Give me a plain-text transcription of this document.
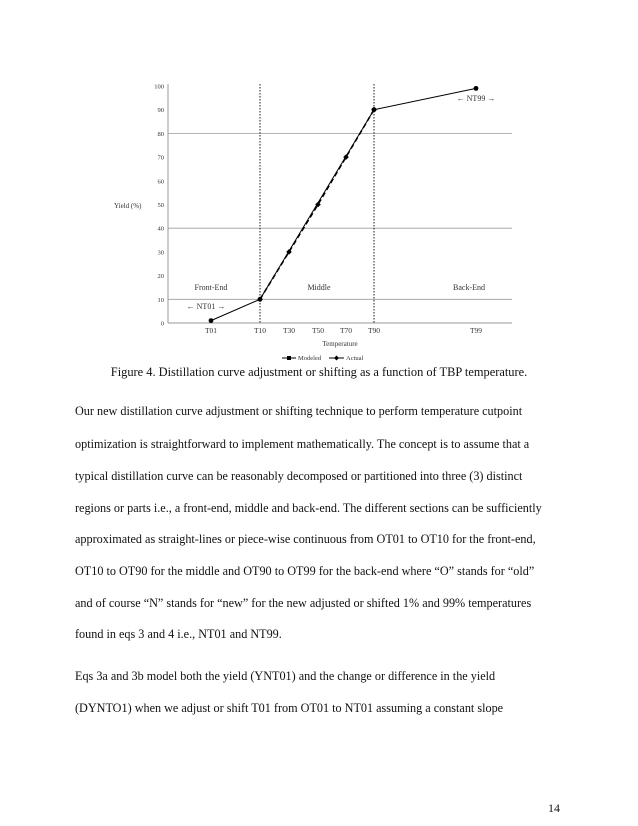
0
10
20
30
40
50
60
70
80
90
100
T01	T10 T30 T50 T70 T90	T99
Yield (%)
Temperature
Front-End	Middle	Back-End
← NT01 →
← NT99 →
Modeled	Actual
Figure 4. Distillation curve adjustment or shifting as a function of TBP temperature.
Our new distillation curve adjustment or shifting technique to perform temperature cutpoint
optimization is straightforward to implement mathematically. The concept is to assume that a
typical distillation curve can be reasonably decomposed or partitioned into three (3) distinct
regions or parts i.e., a front-end, middle and back-end. The different sections can be sufficiently
approximated as straight-lines or piece-wise continuous from OT01 to OT10 for the front-end,
OT10 to OT90 for the middle and OT90 to OT99 for the back-end where “O” stands for “old”
and of course “N” stands for “new” for the new adjusted or shifted 1% and 99% temperatures
found in eqs 3 and 4 i.e., NT01 and NT99.
Eqs 3a and 3b model both the yield (YNT01) and the change or difference in the yield
(DYNTO1) when we adjust or shift T01 from OT01 to NT01 assuming a constant slope
14
